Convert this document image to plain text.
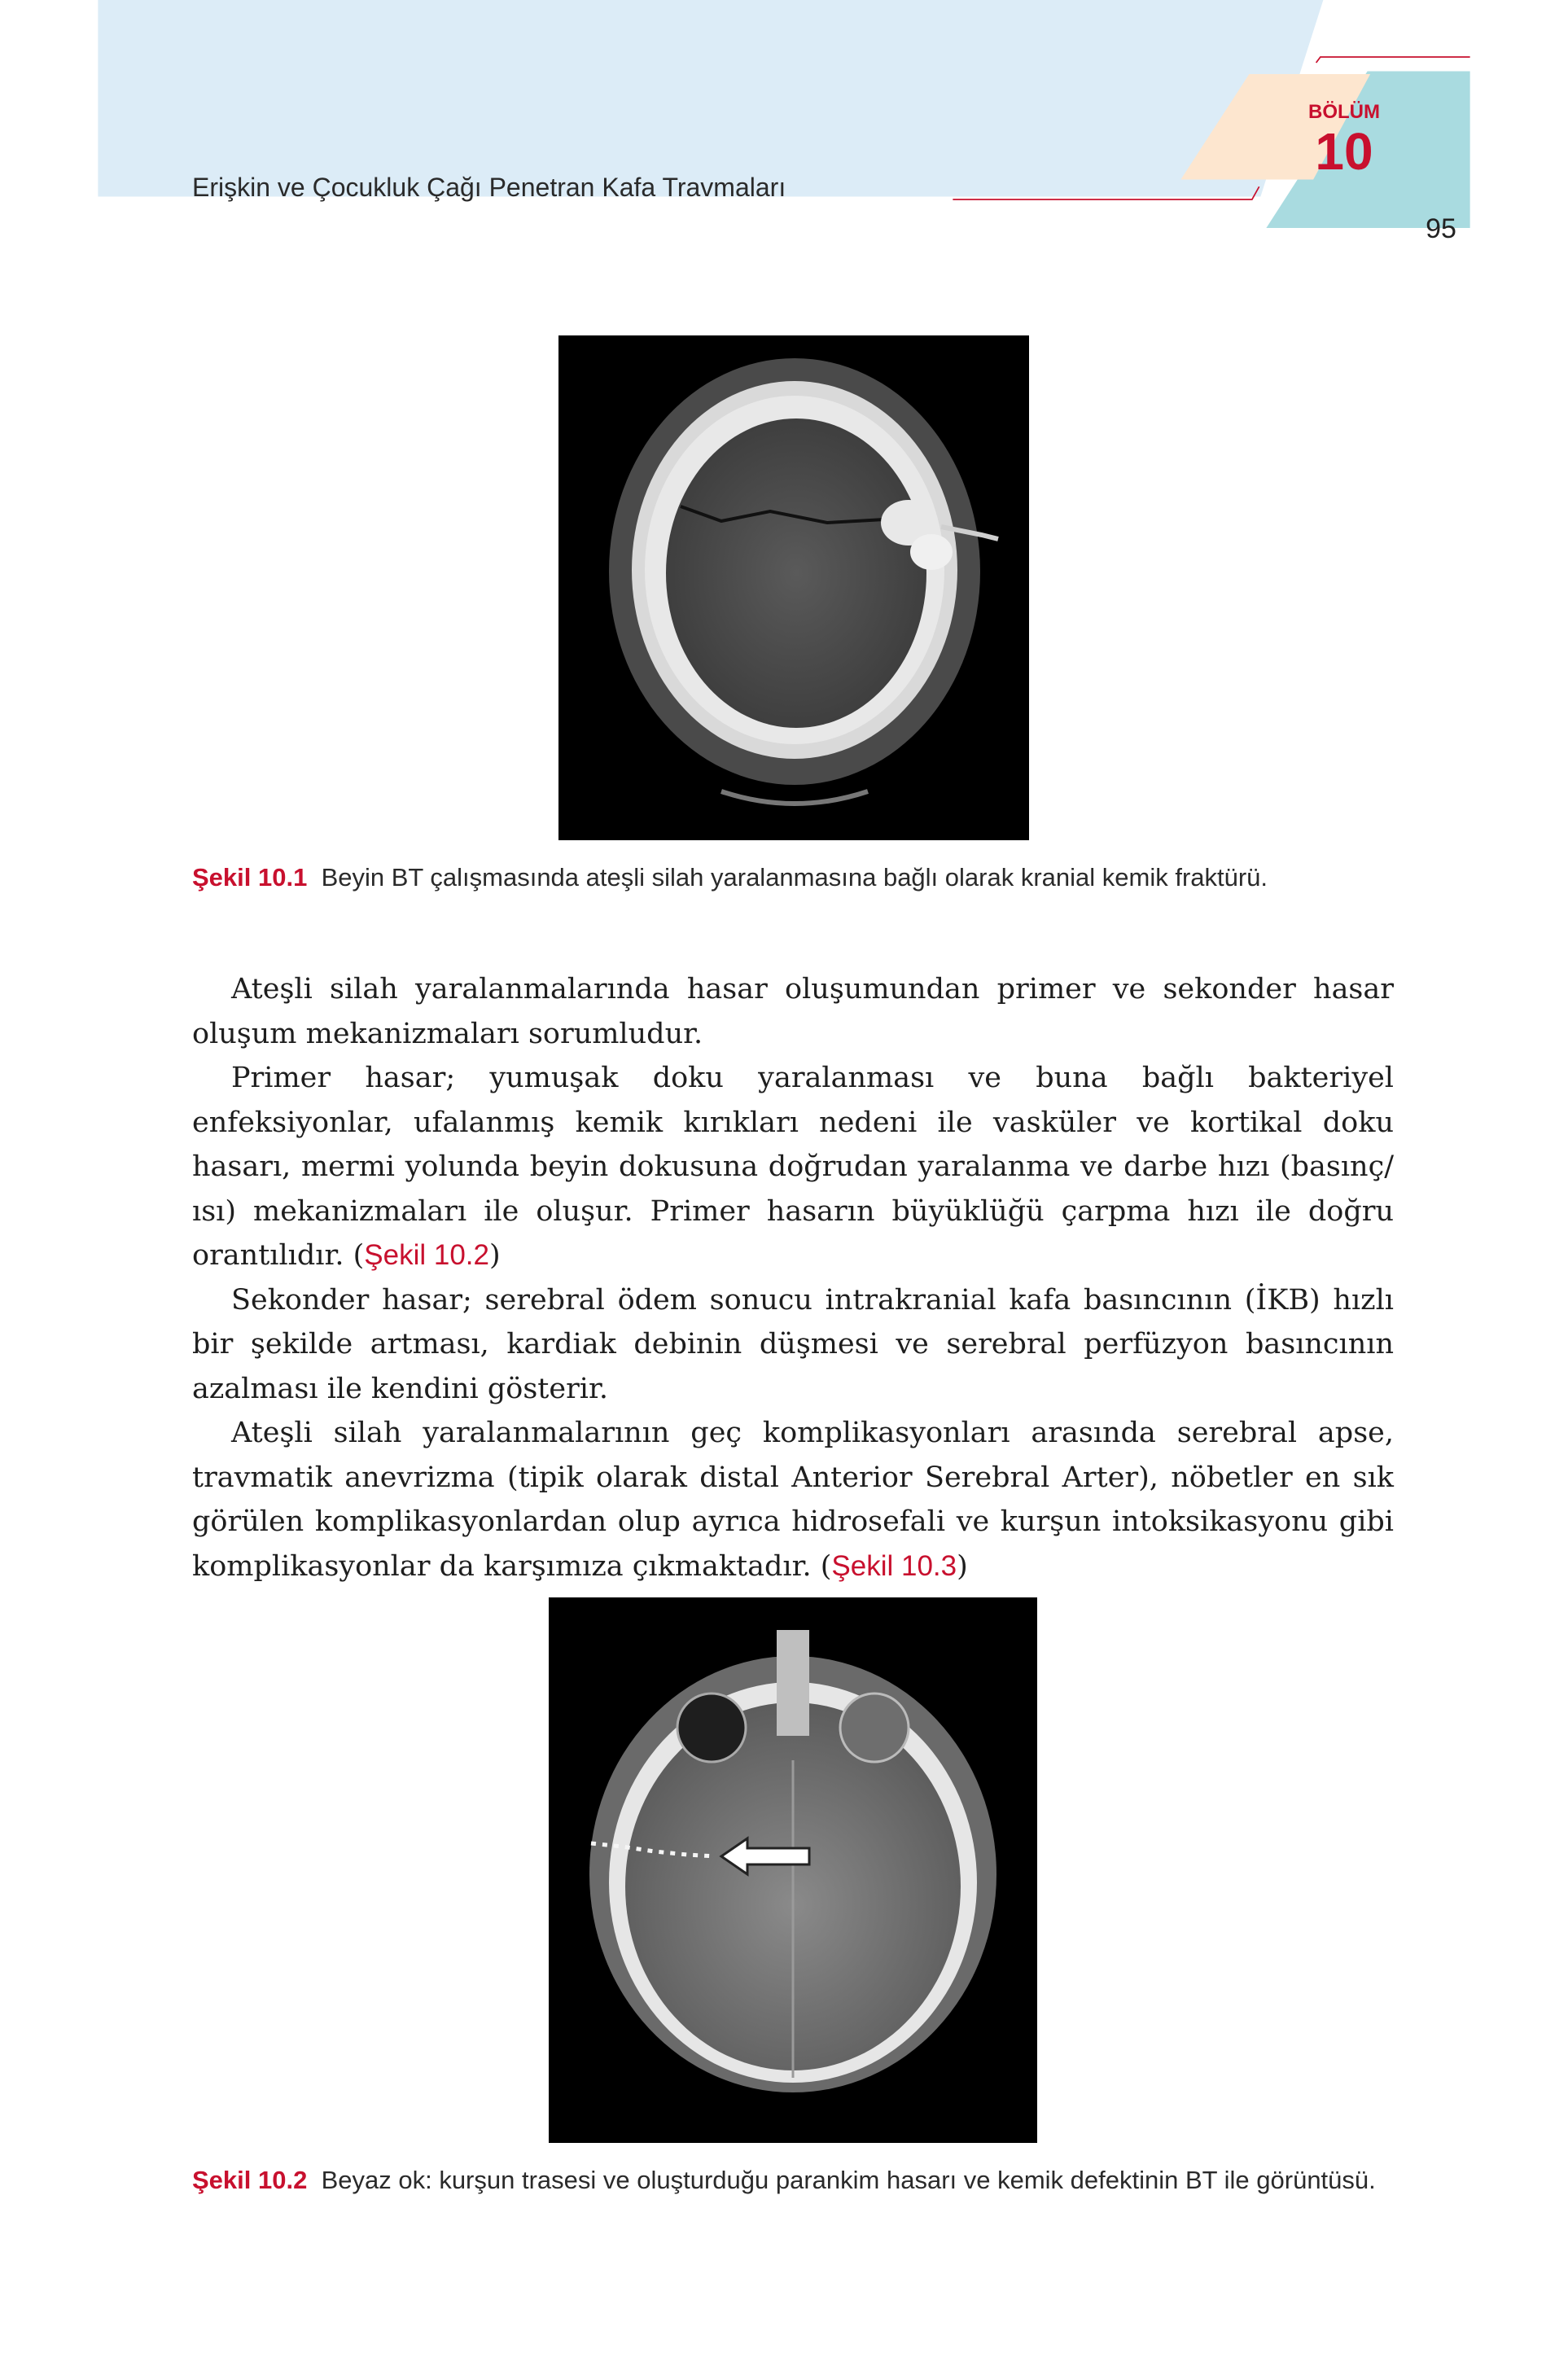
Erişkin ve Çocukluk Çağı Penetran Kafa Travmaları
BÖLÜM
10
95
Şekil 10.1 Beyin BT çalışmasında ateşli silah yaralanmasına bağlı olarak kranial kemik fraktürü.

Ateşli silah yaralanmalarında hasar oluşumundan primer ve sekonder hasar oluşum mekanizmaları sorumludur.

Primer hasar; yumuşak doku yaralanması ve buna bağlı bakteriyel enfeksiyonlar, ufalanmış kemik kırıkları nedeni ile vasküler ve kortikal doku hasarı, mermi yolunda beyin dokusuna doğrudan yaralanma ve darbe hızı (basınç/ısı) mekanizmaları ile oluşur. Primer hasarın büyüklüğü çarpma hızı ile doğru orantılıdır. (Şekil 10.2)

Sekonder hasar; serebral ödem sonucu intrakranial kafa basıncının (İKB) hızlı bir şekilde artması, kardiak debinin düşmesi ve serebral perfüzyon basıncının azalması ile kendini gösterir.

Ateşli silah yaralanmalarının geç komplikasyonları arasında serebral apse, travmatik anevrizma (tipik olarak distal Anterior Serebral Arter), nöbetler en sık görülen komplikasyonlardan olup ayrıca hidrosefali ve kurşun intoksikasyonu gibi komplikasyonlar da karşımıza çıkmaktadır. (Şekil 10.3)

Şekil 10.2 Beyaz ok: kurşun trasesi ve oluşturduğu parankim hasarı ve kemik defektinin BT ile görüntüsü.
